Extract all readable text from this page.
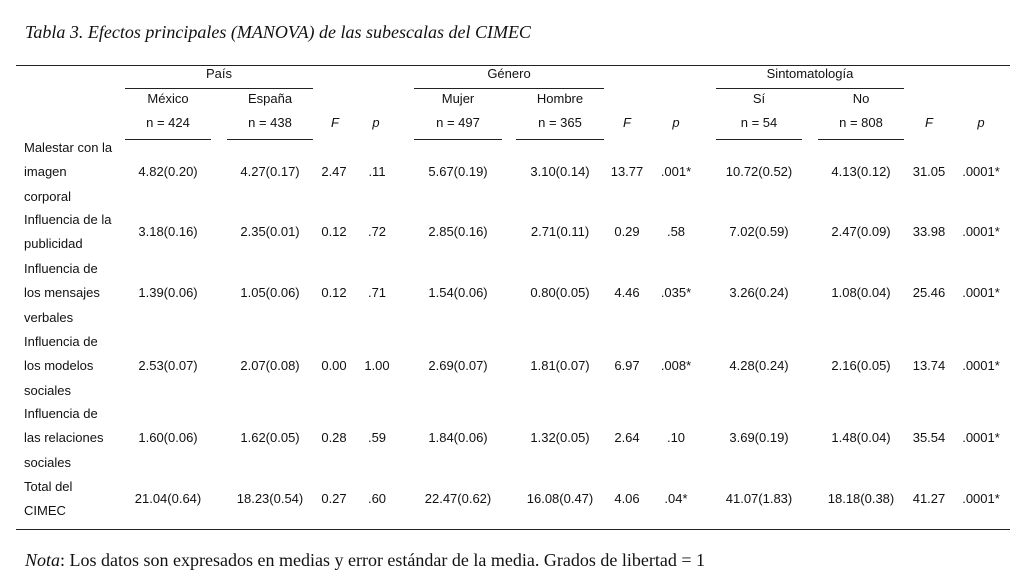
Tabla 3. Efectos principales (MANOVA) de las subescalas del CIMEC
País	Género	Sintomatología
México	España	Mujer	Hombre	Sí	No
n = 424	n = 438	F	p	n = 497	n = 365	F	p	n = 54	n = 808	F	p
Malestar con la
imagen
corporal
4.82(0.20)	4.27(0.17) 2.47 .11	5.67(0.19)	3.10(0.14) 13.77 .001*	10.72(0.52)	4.13(0.12) 31.05 .0001*
Influencia de la
publicidad
3.18(0.16)	2.35(0.01) 0.12 .72	2.85(0.16)	2.71(0.11) 0.29 .58	7.02(0.59)	2.47(0.09) 33.98 .0001*
Influencia de
los mensajes
verbales
1.39(0.06)	1.05(0.06) 0.12 .71	1.54(0.06)	0.80(0.05) 4.46 .035*	3.26(0.24)	1.08(0.04) 25.46 .0001*
Influencia de
los modelos
sociales
2.53(0.07)	2.07(0.08) 0.00 1.00	2.69(0.07)	1.81(0.07) 6.97 .008*	4.28(0.24)	2.16(0.05) 13.74 .0001*
Influencia de
las relaciones
sociales
1.60(0.06)	1.62(0.05) 0.28 .59	1.84(0.06)	1.32(0.05) 2.64 .10	3.69(0.19)	1.48(0.04) 35.54 .0001*
Total del
CIMEC
21.04(0.64)	18.23(0.54) 0.27 .60	22.47(0.62)	16.08(0.47) 4.06 .04*	41.07(1.83)	18.18(0.38) 41.27 .0001*
Nota: Los datos son expresados en medias y error estándar de la media. Grados de libertad = 1
